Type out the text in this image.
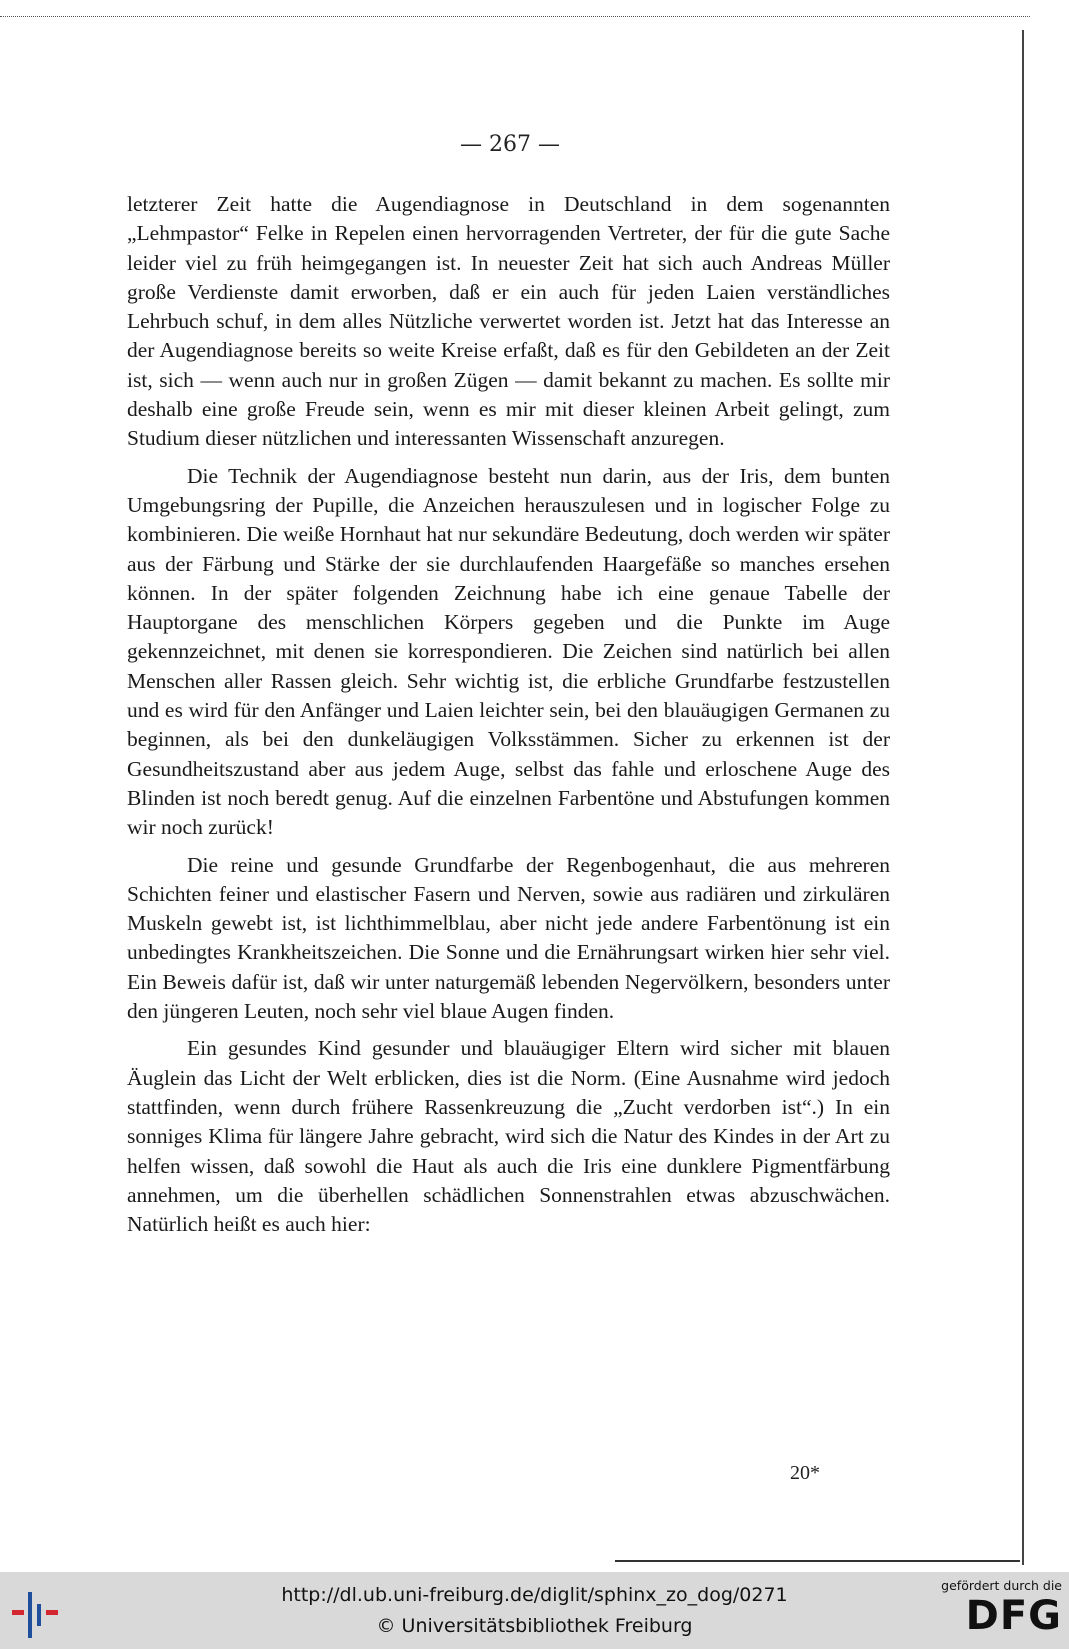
— 267 —

letzterer Zeit hatte die Augendiagnose in Deutschland in dem sogenannten „Lehmpastor“ Felke in Repelen einen hervorragenden Vertreter, der für die gute Sache leider viel zu früh heimgegangen ist. In neuester Zeit hat sich auch Andreas Müller große Verdienste damit erworben, daß er ein auch für jeden Laien verständliches Lehrbuch schuf, in dem alles Nützliche verwertet worden ist. Jetzt hat das Interesse an der Augendiagnose bereits so weite Kreise erfaßt, daß es für den Gebildeten an der Zeit ist, sich — wenn auch nur in großen Zügen — damit bekannt zu machen. Es sollte mir deshalb eine große Freude sein, wenn es mir mit dieser kleinen Arbeit gelingt, zum Studium dieser nützlichen und interessanten Wissenschaft anzuregen.

Die Technik der Augendiagnose besteht nun darin, aus der Iris, dem bunten Umgebungsring der Pupille, die Anzeichen herauszulesen und in logischer Folge zu kombinieren. Die weiße Hornhaut hat nur sekundäre Bedeutung, doch werden wir später aus der Färbung und Stärke der sie durchlaufenden Haargefäße so manches ersehen können. In der später folgenden Zeichnung habe ich eine genaue Tabelle der Hauptorgane des menschlichen Körpers gegeben und die Punkte im Auge gekennzeichnet, mit denen sie korrespondieren. Die Zeichen sind natürlich bei allen Menschen aller Rassen gleich. Sehr wichtig ist, die erbliche Grundfarbe festzustellen und es wird für den Anfänger und Laien leichter sein, bei den blauäugigen Germanen zu beginnen, als bei den dunkeläugigen Volksstämmen. Sicher zu erkennen ist der Gesundheitszustand aber aus jedem Auge, selbst das fahle und erloschene Auge des Blinden ist noch beredt genug. Auf die einzelnen Farbentöne und Abstufungen kommen wir noch zurück!

Die reine und gesunde Grundfarbe der Regenbogenhaut, die aus mehreren Schichten feiner und elastischer Fasern und Nerven, sowie aus radiären und zirkulären Muskeln gewebt ist, ist lichthimmelblau, aber nicht jede andere Farbentönung ist ein unbedingtes Krankheitszeichen. Die Sonne und die Ernährungsart wirken hier sehr viel. Ein Beweis dafür ist, daß wir unter naturgemäß lebenden Negervölkern, besonders unter den jüngeren Leuten, noch sehr viel blaue Augen finden.

Ein gesundes Kind gesunder und blauäugiger Eltern wird sicher mit blauen Äuglein das Licht der Welt erblicken, dies ist die Norm. (Eine Ausnahme wird jedoch stattfinden, wenn durch frühere Rassenkreuzung die „Zucht verdorben ist“.) In ein sonniges Klima für längere Jahre gebracht, wird sich die Natur des Kindes in der Art zu helfen wissen, daß sowohl die Haut als auch die Iris eine dunklere Pigmentfärbung annehmen, um die überhellen schädlichen Sonnenstrahlen etwas abzuschwächen. Natürlich heißt es auch hier:

20*
http://dl.ub.uni-freiburg.de/diglit/sphinx_zo_dog/0271
© Universitätsbibliothek Freiburg
gefördert durch die
DFG
